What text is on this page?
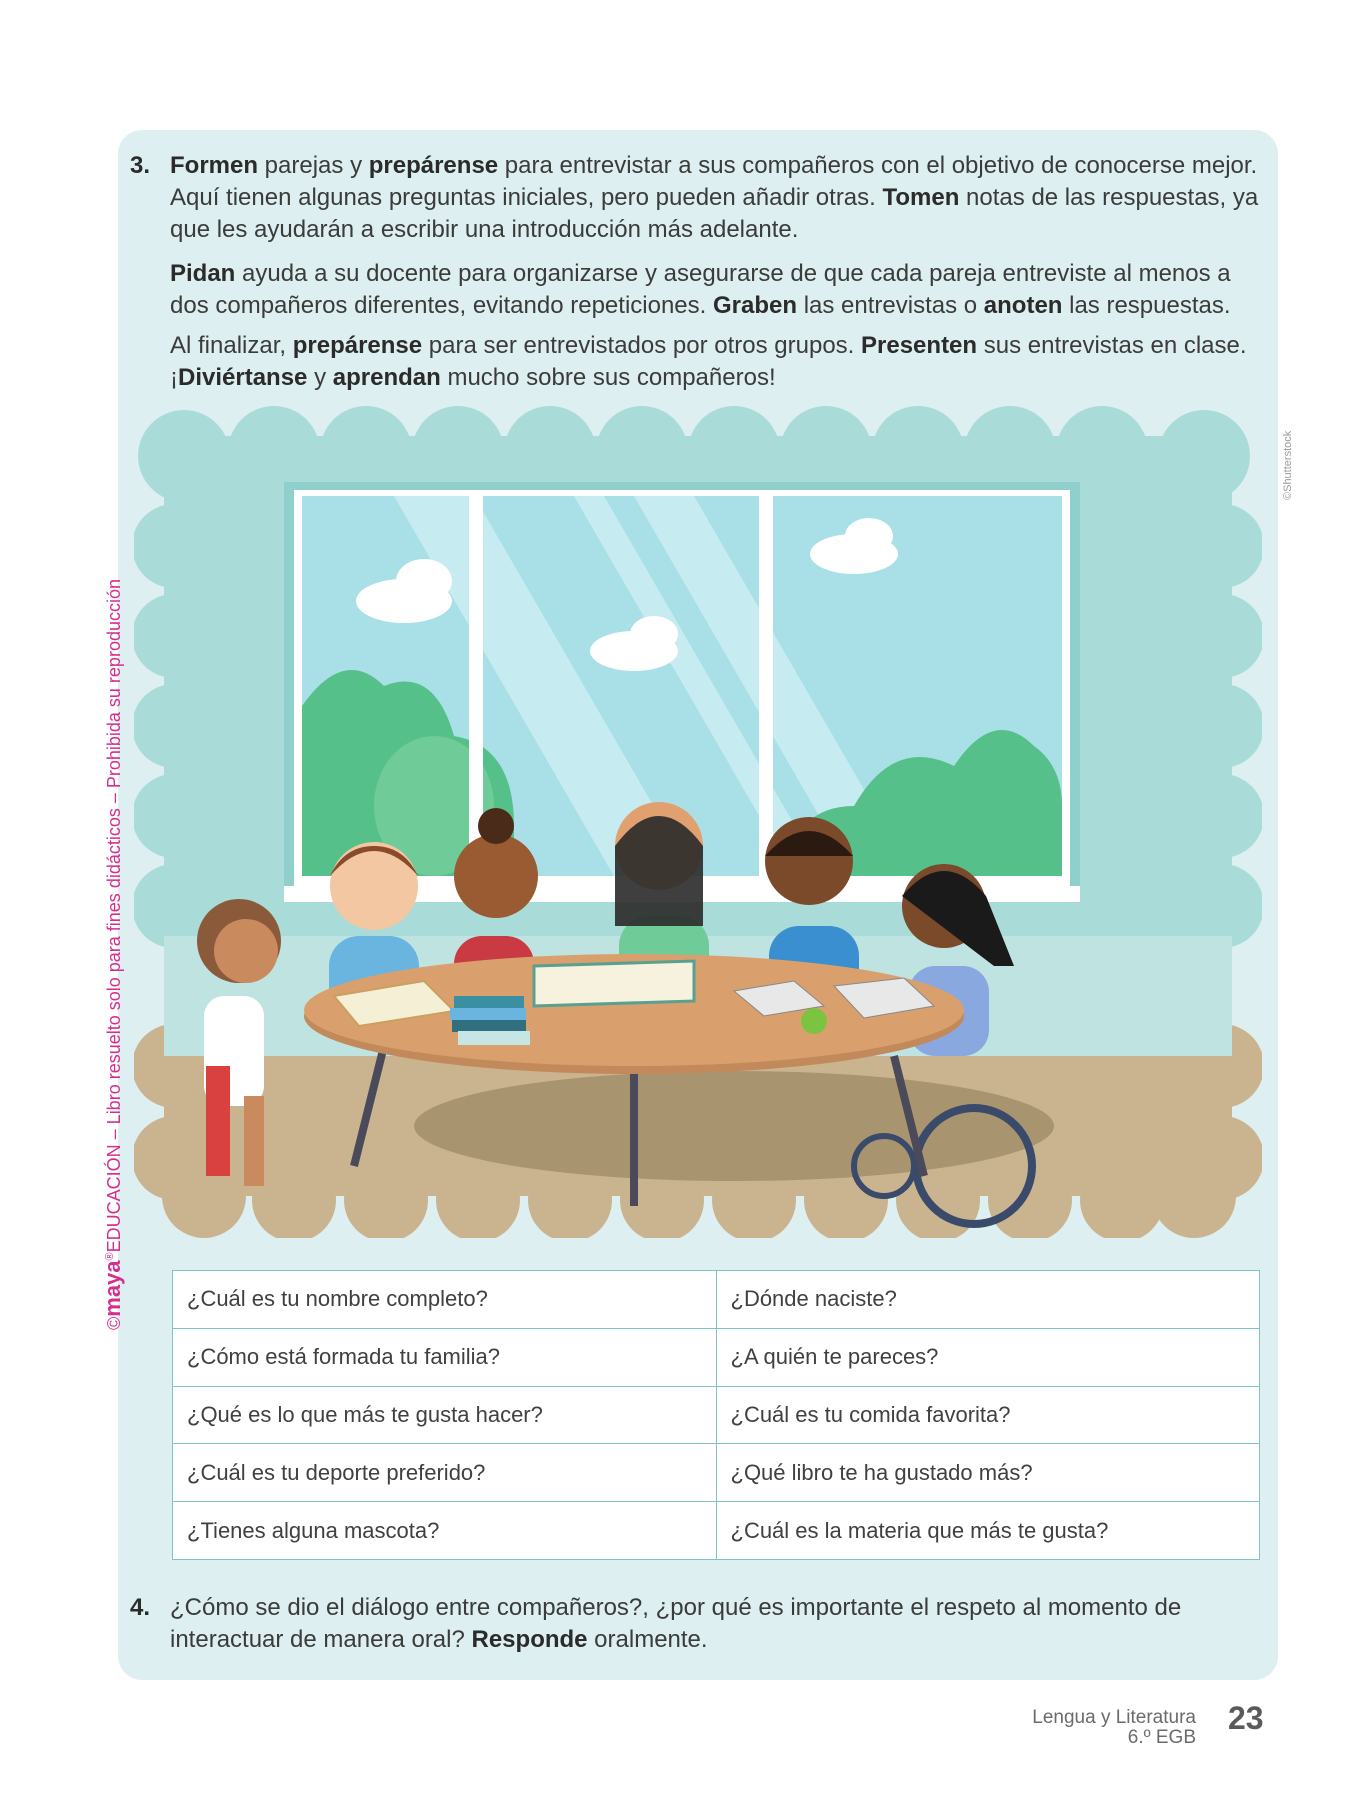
3. Formen parejas y prepárense para entrevistar a sus compañeros con el objetivo de conocerse mejor. Aquí tienen algunas preguntas iniciales, pero pueden añadir otras. Tomen notas de las respuestas, ya que les ayudarán a escribir una introducción más adelante.
Pidan ayuda a su docente para organizarse y asegurarse de que cada pareja entreviste al menos a dos compañeros diferentes, evitando repeticiones. Graben las entrevistas o anoten las respuestas.
Al finalizar, prepárense para ser entrevistados por otros grupos. Presenten sus entrevistas en clase. ¡Diviértanse y aprendan mucho sobre sus compañeros!
©Shutterstock
¿Cuál es tu nombre completo?	¿Dónde naciste?
¿Cómo está formada tu familia?	¿A quién te pareces?
¿Qué es lo que más te gusta hacer?	¿Cuál es tu comida favorita?
¿Cuál es tu deporte preferido?	¿Qué libro te ha gustado más?
¿Tienes alguna mascota?	¿Cuál es la materia que más te gusta?
4. ¿Cómo se dio el diálogo entre compañeros?, ¿por qué es importante el respeto al momento de interactuar de manera oral? Responde oralmente.
©maya®EDUCACIÓN – Libro resuelto solo para fines didácticos – Prohibida su reproducción
Lengua y Literatura
6.º EGB
23
